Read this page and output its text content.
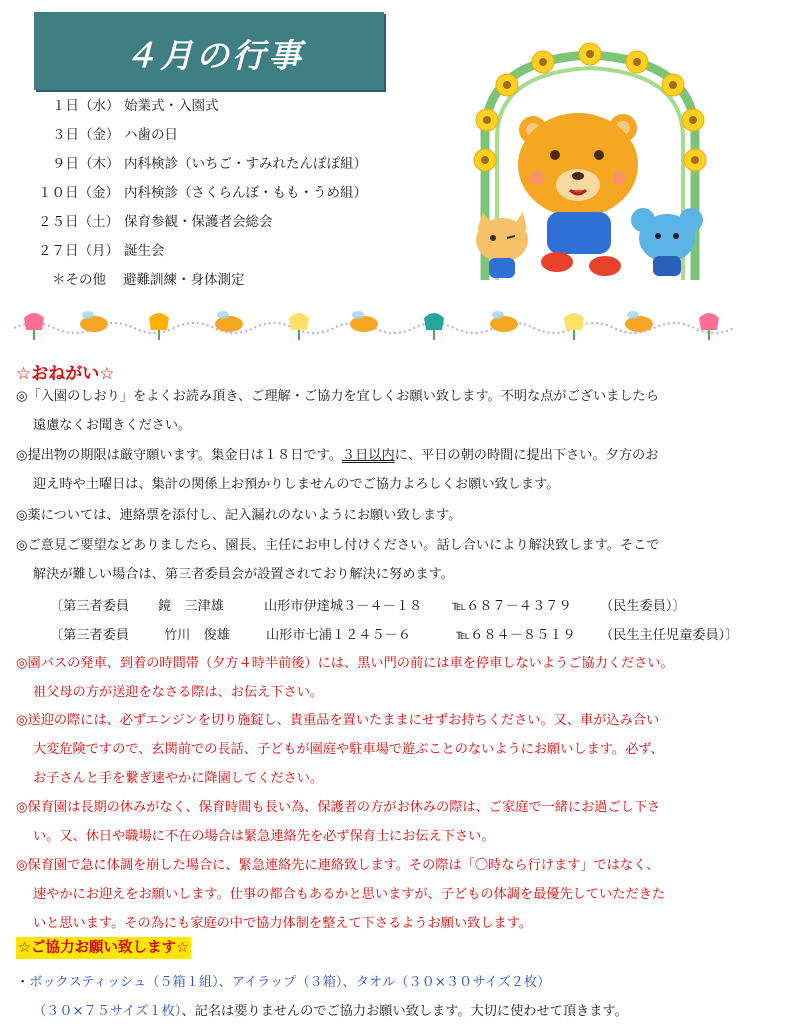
４月の行事
１日（水） 始業式・入園式
３日（金） ハ歯の日
９日（木） 内科検診（いちご・すみれたんぽぽ組）
１０日（金） 内科検診（さくらんぼ・もも・うめ組）
２５日（土） 保育参観・保護者会総会
２７日（月） 誕生会
＊その他 避難訓練・身体測定
☆おねがい☆
◎「入園のしおり」をよくお読み頂き、ご理解・ご協力を宜しくお願い致します。不明な点がございましたら
遠慮なくお聞きください。
◎提出物の期限は厳守願います。集金日は１８日です。３日以内に、平日の朝の時間に提出下さい。夕方のお
迎え時や土曜日は、集計の関係上お預かりしませんのでご協力よろしくお願い致します。
◎薬については、連絡票を添付し、記入漏れのないようにお願い致します。
◎ご意見ご要望などありましたら、園長、主任にお申し付けください。話し合いにより解決致します。そこで
解決が難しい場合は、第三者委員会が設置されており解決に努めます。
〔第三者委員 鏡　三津雄	山形市伊達城３－４－１８ ℡６８７－４３７９ （民生委員）〕
〔第三者委員	竹川　俊雄	山形市七浦１２４５－６	℡６８４－８５１９ （民生主任児童委員）〕
◎園バスの発車、到着の時間帯（夕方４時半前後）には、黒い門の前には車を停車しないようご協力ください。
祖父母の方が送迎をなさる際は、お伝え下さい。
◎送迎の際には、必ずエンジンを切り施錠し、貴重品を置いたままにせずお持ちください。又、車が込み合い
大変危険ですので、玄関前での長話、子どもが園庭や駐車場で遊ぶことのないようにお願いします。必ず、
お子さんと手を繋ぎ速やかに降園してください。
◎保育園は長期の休みがなく、保育時間も長い為、保護者の方がお休みの際は、ご家庭で一緒にお過ごし下さ
い。又、休日や職場に不在の場合は緊急連絡先を必ず保育士にお伝え下さい。
◎保育園で急に体調を崩した場合に、緊急連絡先に連絡致します。その際は「〇時なら行けます」ではなく、
速やかにお迎えをお願いします。仕事の都合もあるかと思いますが、子どもの体調を最優先していただきた
いと思います。その為にも家庭の中で協力体制を整えて下さるようお願い致します。
☆ご協力お願い致します☆
・ボックスティッシュ（５箱１組）、アイラップ（３箱）、タオル（３０×３０サイズ２枚）
（３０×７５サイズ１枚）、記名は要りませんのでご協力お願い致します。大切に使わせて頂きます。
